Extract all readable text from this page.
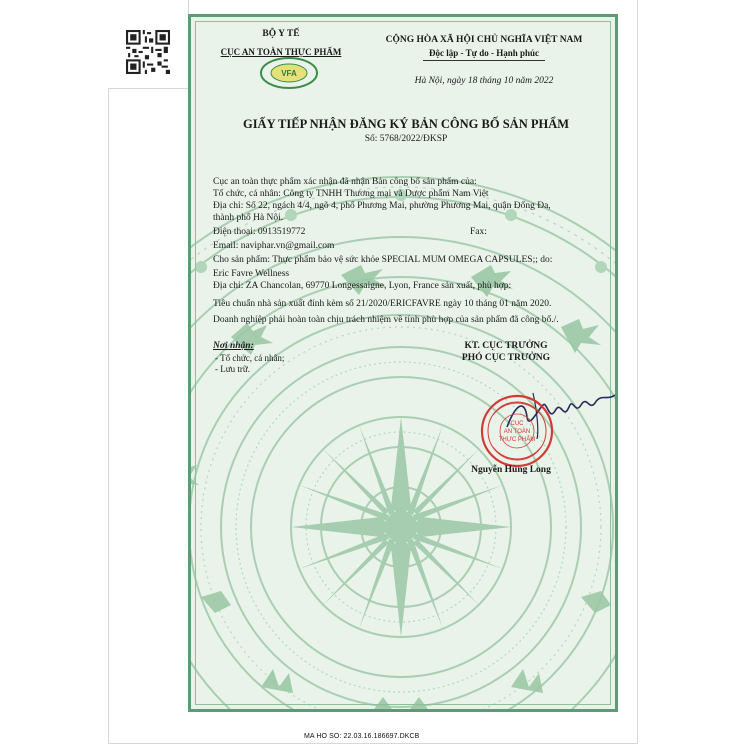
BỘ Y TẾ
CỤC AN TOÀN THỰC PHẨM
VFA
CỘNG HÒA XÃ HỘI CHỦ NGHĨA VIỆT NAM
Độc lập - Tự do - Hạnh phúc
Hà Nội, ngày 18 tháng 10 năm 2022
GIẤY TIẾP NHẬN ĐĂNG KÝ BẢN CÔNG BỐ SẢN PHẨM
Số: 5768/2022/ĐKSP
Cục an toàn thực phẩm xác nhận đã nhận Bản công bố sản phẩm của:
Tổ chức, cá nhân: Công ty TNHH Thương mại và Dược phẩm Nam Việt
Địa chỉ: Số 22, ngách 4/4, ngõ 4, phố Phương Mai, phường Phương Mai, quận Đống Đa,
thành phố Hà Nội.
Điện thoại: 0913519772	Fax:
Email: naviphar.vn@gmail.com
Cho sản phẩm: Thực phẩm bảo vệ sức khỏe SPECIAL MUM OMEGA CAPSULES;; do:
Eric Favre Wellness
Địa chỉ: ZA Chancolan, 69770 Longessaigne, Lyon, France sản xuất, phù hợp:
Tiêu chuẩn nhà sản xuất đính kèm số 21/2020/ERICFAVRE ngày 10 tháng 01 năm 2020.
Doanh nghiệp phải hoàn toàn chịu trách nhiệm về tính phù hợp của sản phẩm đã công bố./.
Nơi nhận:
- Tổ chức, cá nhân;
- Lưu trữ.
KT. CỤC TRƯỞNG
PHÓ CỤC TRƯỞNG
CỤC
AN TOÀN
THỰC PHẨM
Nguyễn Hùng Long
MA HO SO: 22.03.16.186697.DKCB
